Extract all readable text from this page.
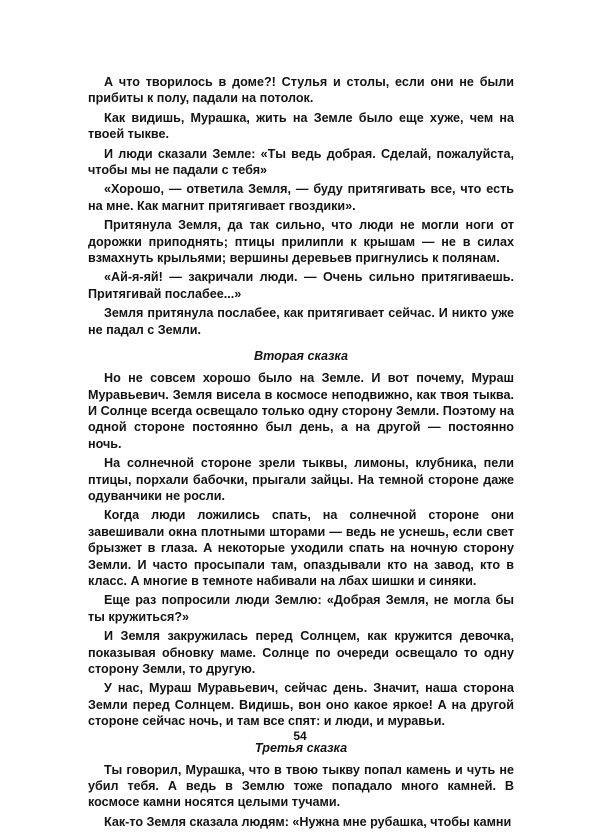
А что творилось в доме?! Стулья и столы, если они не были прибиты к полу, падали на потолок.

Как видишь, Мурашка, жить на Земле было еще хуже, чем на твоей тыкве.

И люди сказали Земле: «Ты ведь добрая. Сделай, пожалуйста, чтобы мы не падали с тебя»

«Хорошо, — ответила Земля, — буду притягивать все, что есть на мне. Как магнит притягивает гвоздики».

Притянула Земля, да так сильно, что люди не могли ноги от дорожки приподнять; птицы прилипли к крышам — не в силах взмахнуть крыльями; вершины деревьев пригнулись к полянам.

«Ай-я-яй! — закричали люди. — Очень сильно притягиваешь. Притягивай послабее...»

Земля притянула послабее, как притягивает сейчас. И никто уже не падал с Земли.

Вторая сказка

Но не совсем хорошо было на Земле. И вот почему, Мураш Муравьевич. Земля висела в космосе неподвижно, как твоя тыква. И Солнце всегда освещало только одну сторону Земли. Поэтому на одной стороне постоянно был день, а на другой — постоянно ночь.

На солнечной стороне зрели тыквы, лимоны, клубника, пели птицы, порхали бабочки, прыгали зайцы. На темной стороне даже одуванчики не росли.

Когда люди ложились спать, на солнечной стороне они завешивали окна плотными шторами — ведь не уснешь, если свет брызжет в глаза. А некоторые уходили спать на ночную сторону Земли. И часто просыпали там, опаздывали кто на завод, кто в класс. А многие в темноте набивали на лбах шишки и синяки.

Еще раз попросили люди Землю: «Добрая Земля, не могла бы ты кружиться?»

И Земля закружилась перед Солнцем, как кружится девочка, показывая обновку маме. Солнце по очереди освещало то одну сторону Земли, то другую.

У нас, Мураш Муравьевич, сейчас день. Значит, наша сторона Земли перед Солнцем. Видишь, вон оно какое яркое! А на другой стороне сейчас ночь, и там все спят: и люди, и муравьи.

Третья сказка

Ты говорил, Мурашка, что в твою тыкву попал камень и чуть не убил тебя. А ведь в Землю тоже попадало много камней. В космосе камни носятся целыми тучами.

Как-то Земля сказала людям: «Нужна мне рубашка, чтобы камни

54
